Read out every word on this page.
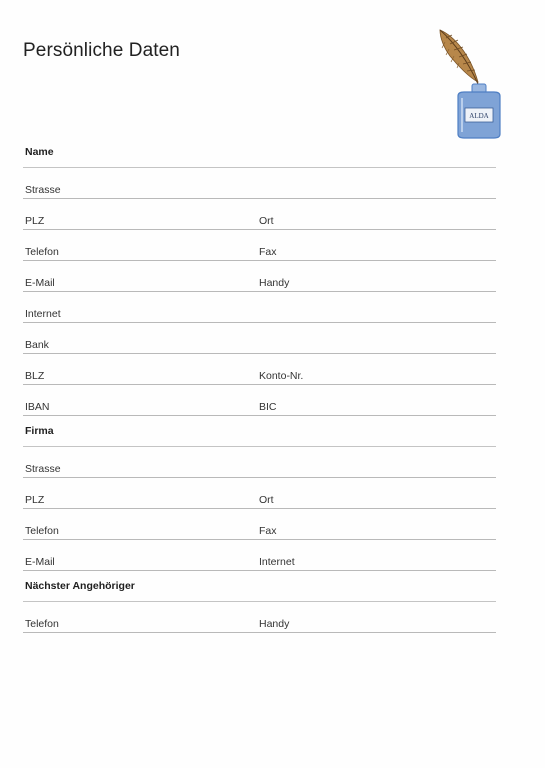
Persönliche Daten
ALDA
Name
Strasse
PLZ	Ort
Telefon	Fax
E-Mail	Handy
Internet
Bank
BLZ	Konto-Nr.
IBAN	BIC
Firma
Strasse
PLZ	Ort
Telefon	Fax
E-Mail	Internet
Nächster Angehöriger
Telefon	Handy
